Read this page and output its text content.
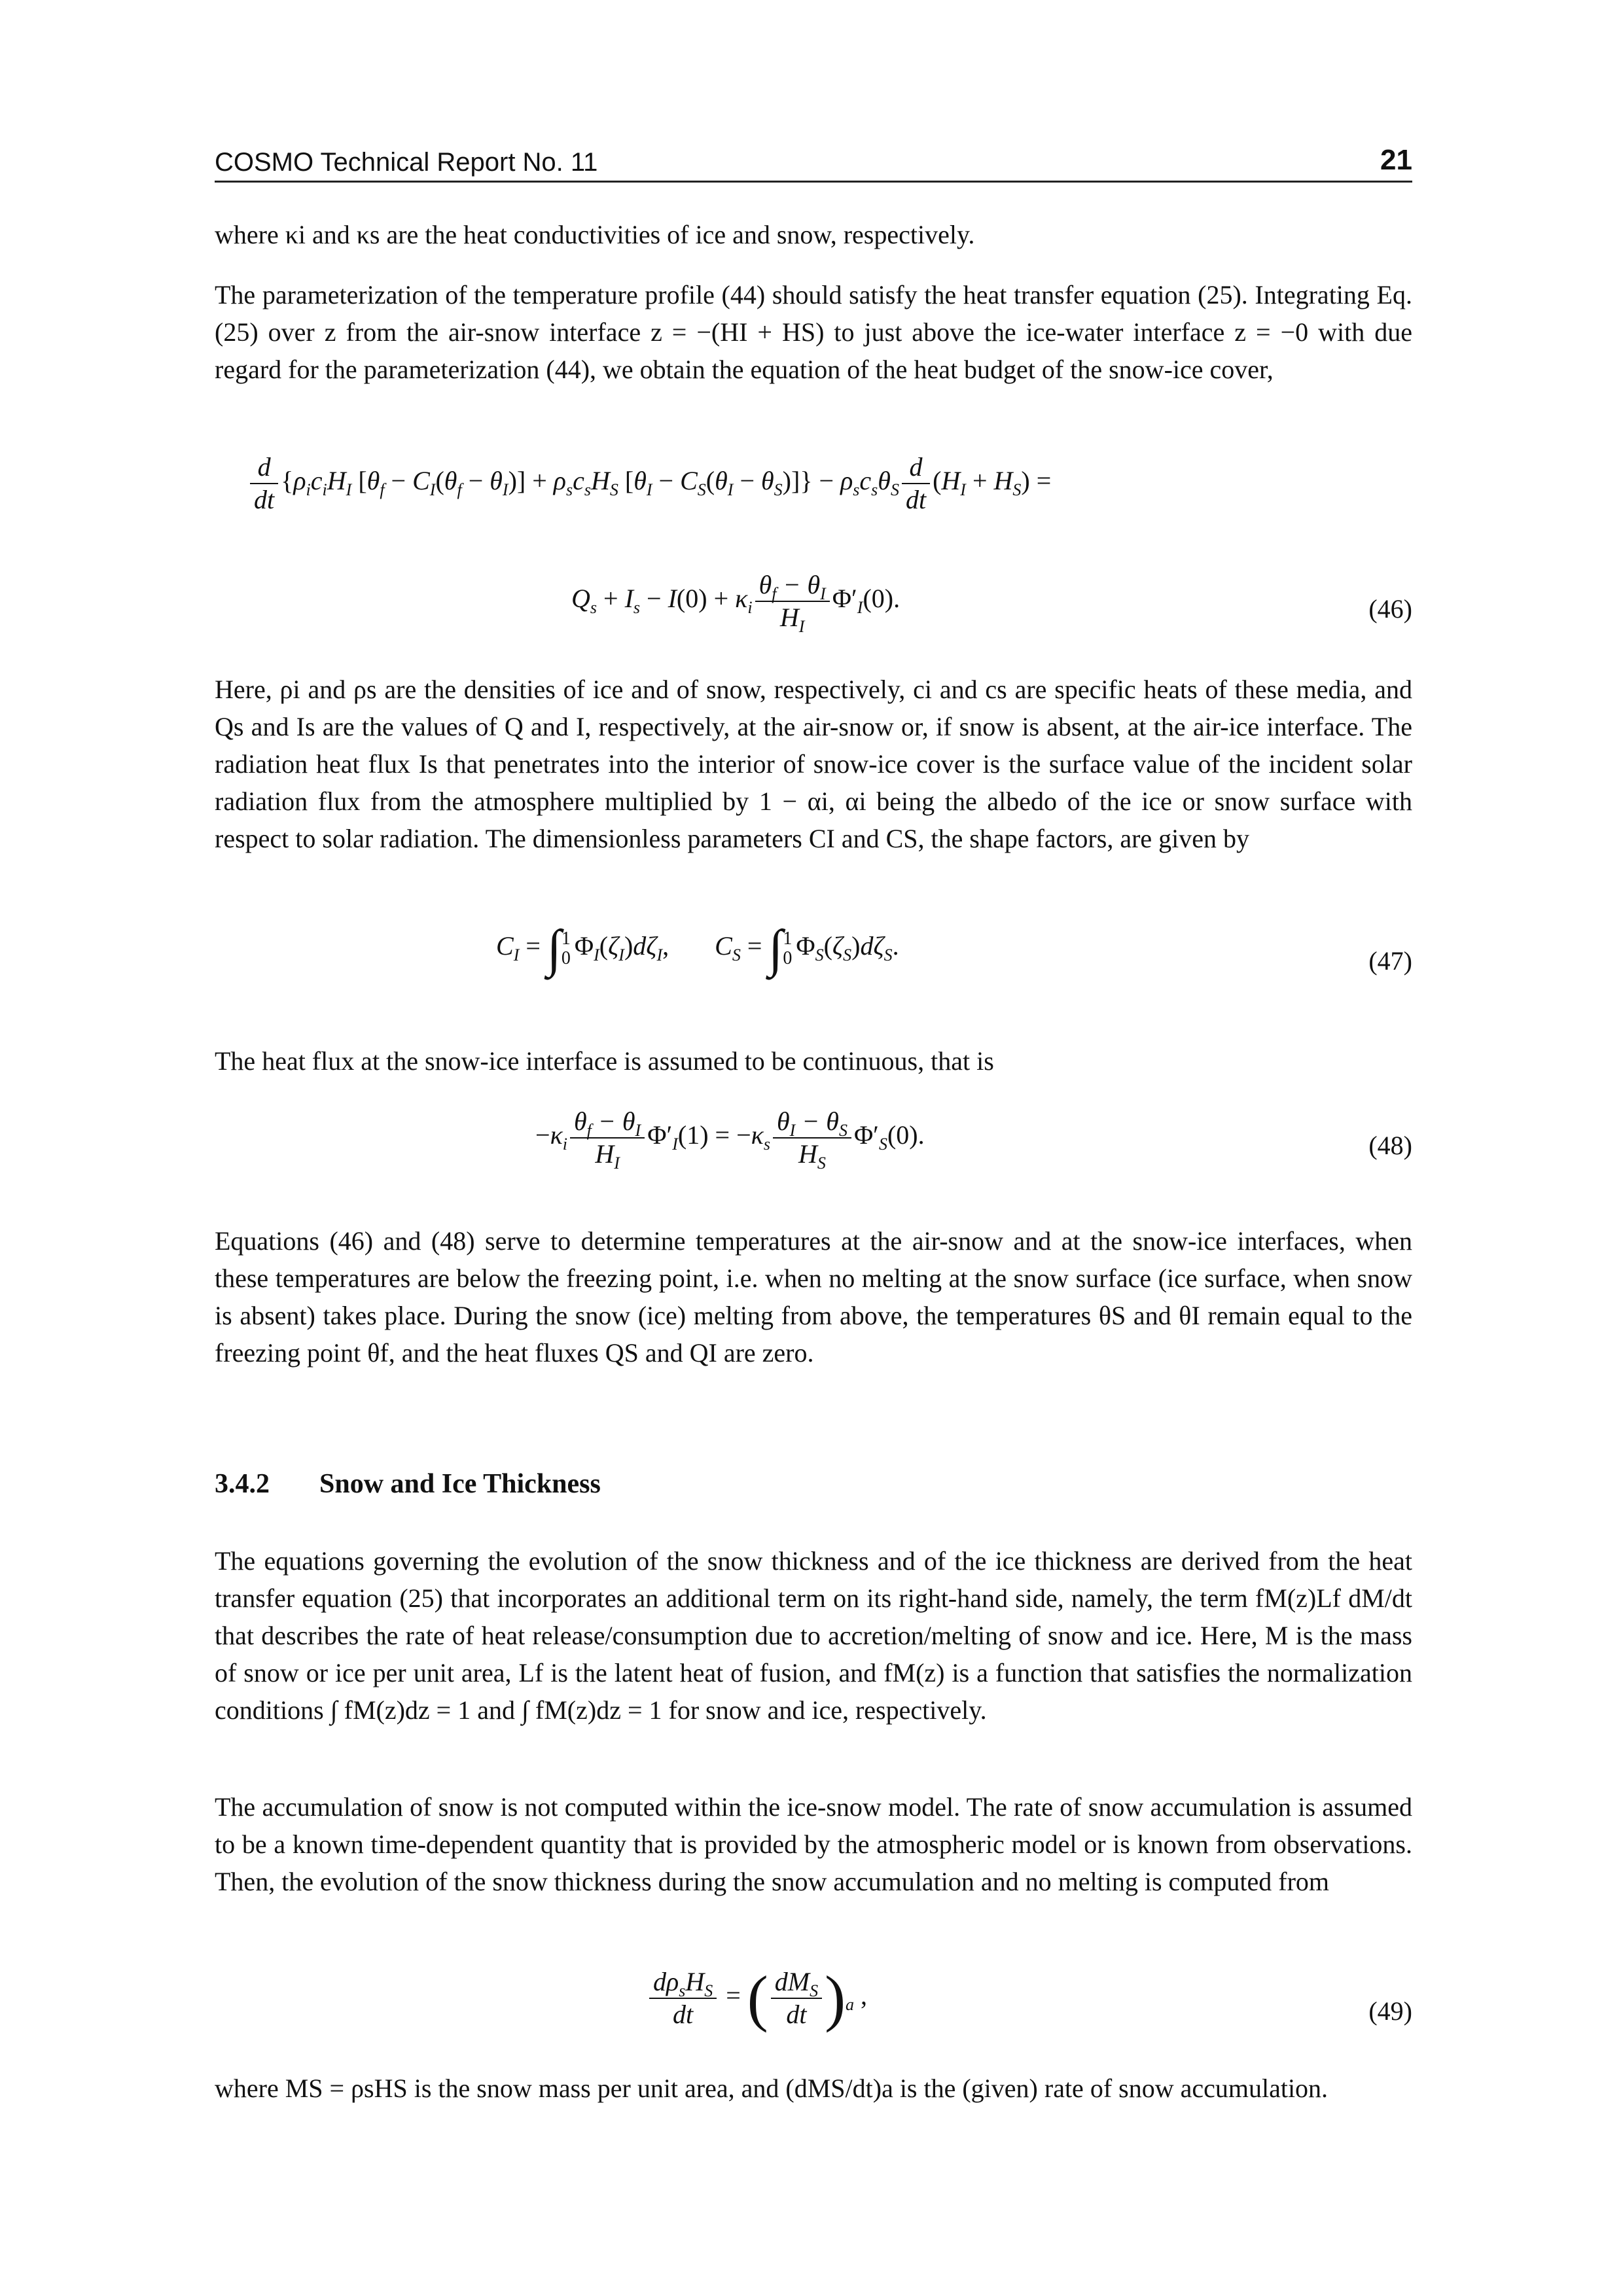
COSMO Technical Report No. 11	21

where κi and κs are the heat conductivities of ice and snow, respectively.

The parameterization of the temperature profile (44) should satisfy the heat transfer equation (25). Integrating Eq. (25) over z from the air-snow interface z = −(HI + HS) to just above the ice-water interface z = −0 with due regard for the parameterization (44), we obtain the equation of the heat budget of the snow-ice cover,

$\frac{d}{dt} \{\rho_ic_iH_I$ $[\theta_f - C_I(\theta_f - \theta_I)] + \rho_sc_sH_S$ $[\theta_I - C_S(\theta_I - \theta_S)]\} - \rho_sc_s\theta_S \frac{d}{dt} (H_I + H_S)$ =
$Q_s + I_s - I(0) + \kappa_i \frac{\theta_f - \theta_I}{H_I} \Phi'_I(0)$.	(46)

Here, ρi and ρs are the densities of ice and of snow, respectively, ci and cs are specific heats of these media, and Qs and Is are the values of Q and I, respectively, at the air-snow or, if snow is absent, at the air-ice interface. The radiation heat flux Is that penetrates into the interior of snow-ice cover is the surface value of the incident solar radiation flux from the atmosphere multiplied by 1 − αi, αi being the albedo of the ice or snow surface with respect to solar radiation. The dimensionless parameters CI and CS, the shape factors, are given by

$C_I$ = ∫ 1
0 $\Phi_I(\zeta_I)d\zeta_I$,       $C_S$ = ∫ 1
0 $\Phi_S(\zeta_S)d\zeta_S$.
(47)

The heat flux at the snow-ice interface is assumed to be continuous, that is

$-\kappa_i \frac{\theta_f - \theta_I}{H_I} \Phi'_I(1) = -\kappa_s \frac{\theta_I - \theta_S}{H_S} \Phi'_S(0)$.	(48)

Equations (46) and (48) serve to determine temperatures at the air-snow and at the snow-ice interfaces, when these temperatures are below the freezing point, i.e. when no melting at the snow surface (ice surface, when snow is absent) takes place. During the snow (ice) melting from above, the temperatures θS and θI remain equal to the freezing point θf, and the heat fluxes QS and QI are zero.

3.4.2 Snow and Ice Thickness

The equations governing the evolution of the snow thickness and of the ice thickness are derived from the heat transfer equation (25) that incorporates an additional term on its right-hand side, namely, the term fM(z)Lf dM/dt that describes the rate of heat release/consumption due to accretion/melting of snow and ice. Here, M is the mass of snow or ice per unit area, Lf is the latent heat of fusion, and fM(z) is a function that satisfies the normalization conditions ∫ fM(z)dz = 1 and ∫ fM(z)dz = 1 for snow and ice, respectively.

The accumulation of snow is not computed within the ice-snow model. The rate of snow accumulation is assumed to be a known time-dependent quantity that is provided by the atmospheric model or is known from observations. Then, the evolution of the snow thickness during the snow accumulation and no melting is computed from

$\frac{d\rho_sH_S}{dt}$ = ( $\frac{dM_S}{dt} )_a$ ,
(49)

where MS = ρsHS is the snow mass per unit area, and (dMS/dt)a is the (given) rate of snow accumulation.
